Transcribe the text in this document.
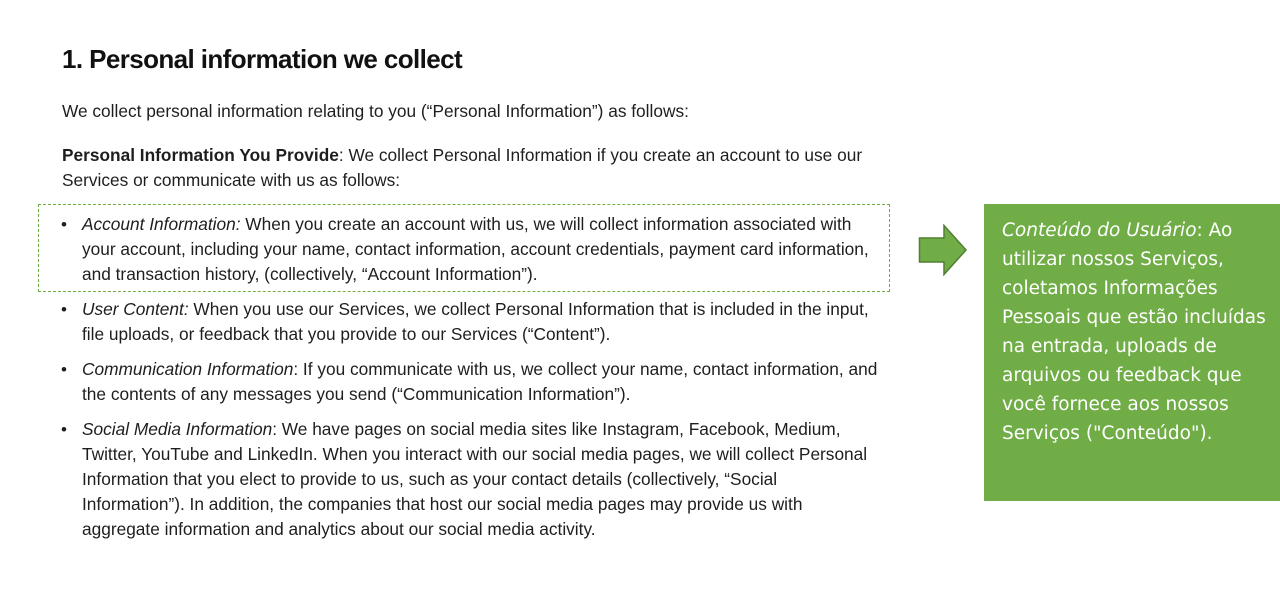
1. Personal information we collect

We collect personal information relating to you (“Personal Information”) as follows:

Personal Information You Provide: We collect Personal Information if you create an account to use our Services or communicate with us as follows:

• Account Information: When you create an account with us, we will collect information associated with your account, including your name, contact information, account credentials, payment card information, and transaction history, (collectively, “Account Information”).
• User Content: When you use our Services, we collect Personal Information that is included in the input, file uploads, or feedback that you provide to our Services (“Content”).
• Communication Information: If you communicate with us, we collect your name, contact information, and the contents of any messages you send (“Communication Information”).
• Social Media Information: We have pages on social media sites like Instagram, Facebook, Medium, Twitter, YouTube and LinkedIn. When you interact with our social media pages, we will collect Personal Information that you elect to provide to us, such as your contact details (collectively, “Social Information”). In addition, the companies that host our social media pages may provide us with aggregate information and analytics about our social media activity.
Conteúdo do Usuário: Ao utilizar nossos Serviços, coletamos Informações Pessoais que estão incluídas na entrada, uploads de arquivos ou feedback que você fornece aos nossos Serviços ("Conteúdo").
